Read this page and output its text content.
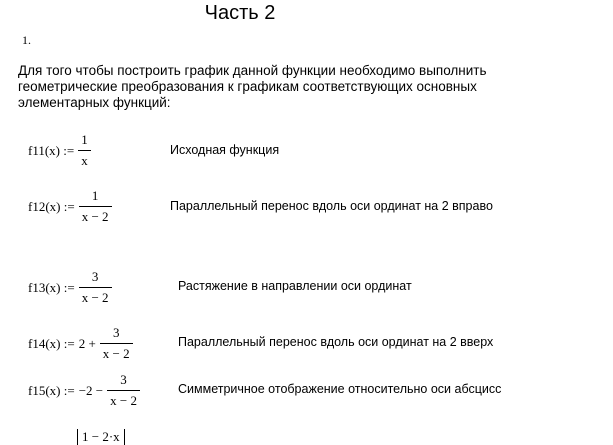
Часть 2
1.
Для того чтобы построить график данной функции необходимо выполнить геометрические преобразования к графикам соответствующих основных элементарных функций:
f11(x) := $\frac{1}{x}$	Исходная функция
f12(x) := $\frac{1}{x - 2}$	Параллельный перенос вдоль оси ординат на 2 вправо
f13(x) := $\frac{3}{x - 2}$	Растяжение в направлении оси ординат
f14(x) := $2 + \frac{3}{x - 2}$	Параллельный перенос вдоль оси ординат на 2 вверх
f15(x) := $-2 - \frac{3}{x - 2}$	Симметричное отображение относительно оси абсцисс
1 − 2·x
